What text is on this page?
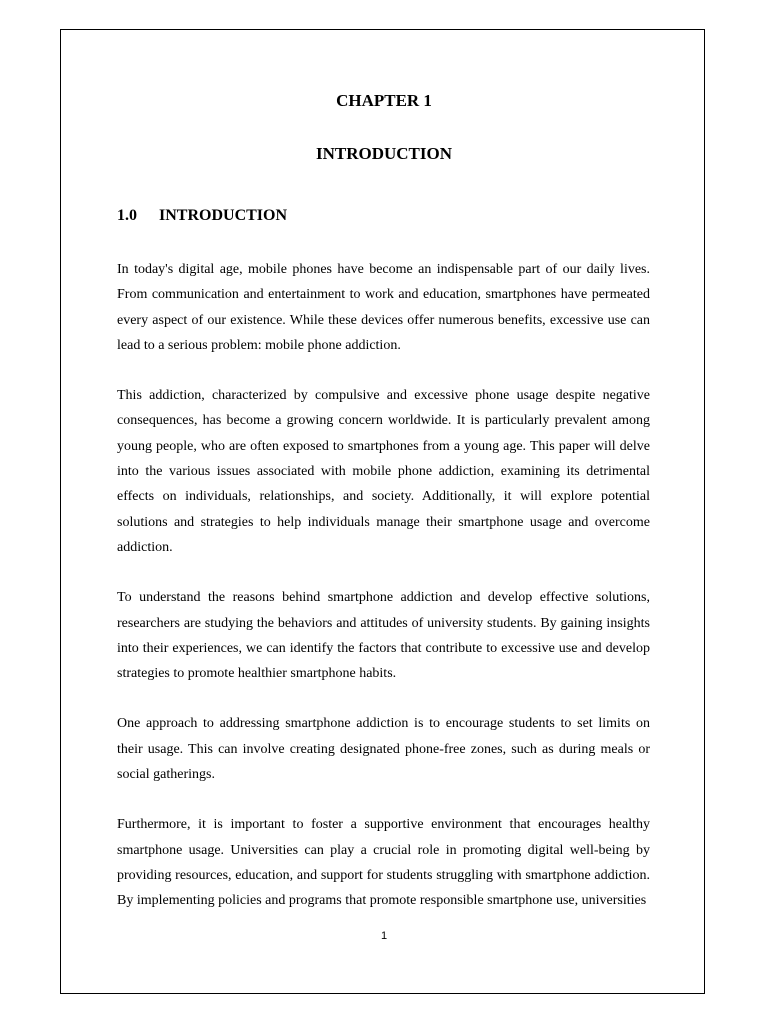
CHAPTER 1
INTRODUCTION
1.0 INTRODUCTION

In today's digital age, mobile phones have become an indispensable part of our daily lives. From communication and entertainment to work and education, smartphones have permeated every aspect of our existence. While these devices offer numerous benefits, excessive use can lead to a serious problem: mobile phone addiction.

This addiction, characterized by compulsive and excessive phone usage despite negative consequences, has become a growing concern worldwide. It is particularly prevalent among young people, who are often exposed to smartphones from a young age. This paper will delve into the various issues associated with mobile phone addiction, examining its detrimental effects on individuals, relationships, and society. Additionally, it will explore potential solutions and strategies to help individuals manage their smartphone usage and overcome addiction.

To understand the reasons behind smartphone addiction and develop effective solutions, researchers are studying the behaviors and attitudes of university students. By gaining insights into their experiences, we can identify the factors that contribute to excessive use and develop strategies to promote healthier smartphone habits.

One approach to addressing smartphone addiction is to encourage students to set limits on their usage. This can involve creating designated phone-free zones, such as during meals or social gatherings.

Furthermore, it is important to foster a supportive environment that encourages healthy smartphone usage. Universities can play a crucial role in promoting digital well-being by providing resources, education, and support for students struggling with smartphone addiction. By implementing policies and programs that promote responsible smartphone use, universities

1
